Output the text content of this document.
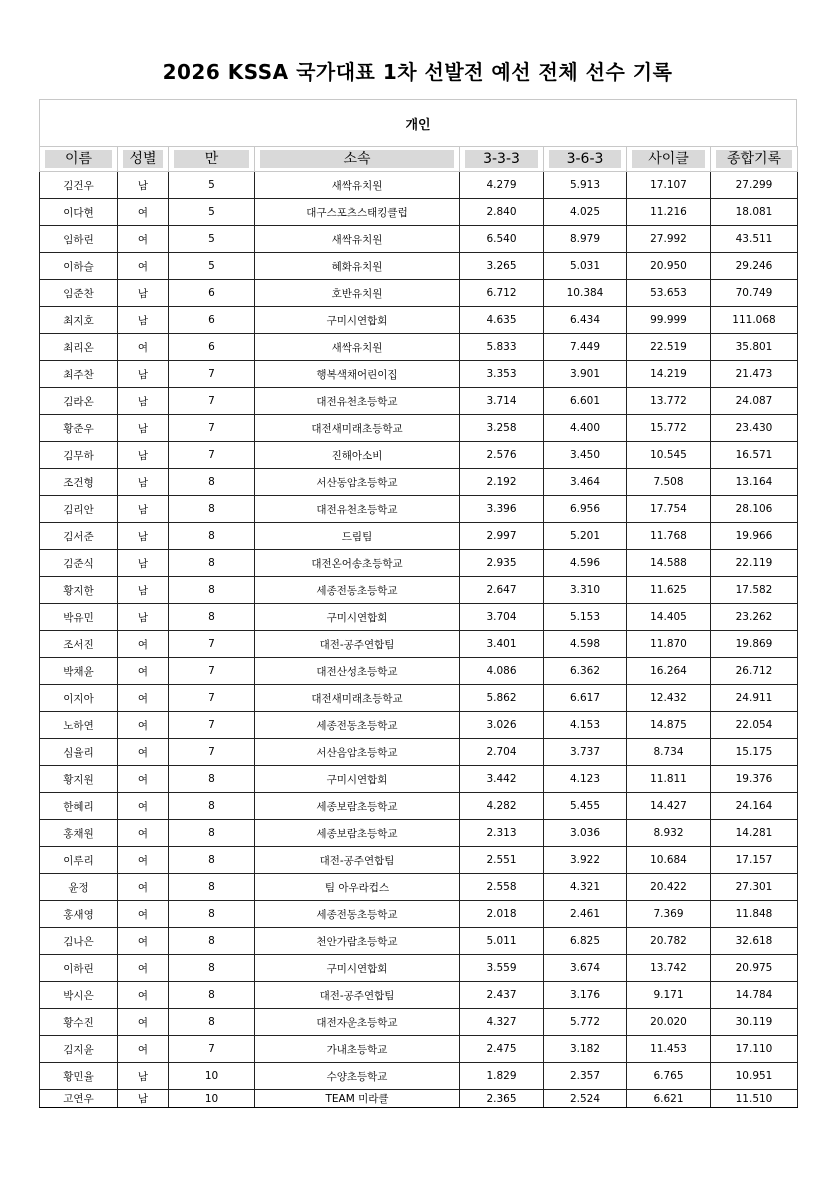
2026 KSSA 국가대표 1차 선발전 예선 전체 선수 기록
개인
이름	성별	만	소속	3-3-3	3-6-3	사이클	종합기록

김건우	남	5	새싹유치원	4.279	5.913	17.107	27.299
이다현	여	5	대구스포츠스태킹클럽	2.840	4.025	11.216	18.081
임하린	여	5	새싹유치원	6.540	8.979	27.992	43.511
이하슬	여	5	혜화유치원	3.265	5.031	20.950	29.246
임준찬	남	6	호반유치원	6.712	10.384	53.653	70.749
최지호	남	6	구미시연합회	4.635	6.434	99.999	111.068
최리온	여	6	새싹유치원	5.833	7.449	22.519	35.801
최주찬	남	7	행복색채어린이집	3.353	3.901	14.219	21.473
김라온	남	7	대전유천초등학교	3.714	6.601	13.772	24.087
황준우	남	7	대전새미래초등학교	3.258	4.400	15.772	23.430
김무하	남	7	진해아소비	2.576	3.450	10.545	16.571
조건형	남	8	서산동암초등학교	2.192	3.464	7.508	13.164
김리안	남	8	대전유천초등학교	3.396	6.956	17.754	28.106
김서준	남	8	드림팀	2.997	5.201	11.768	19.966
김준식	남	8	대전온어송초등학교	2.935	4.596	14.588	22.119
황지한	남	8	세종전동초등학교	2.647	3.310	11.625	17.582
박유민	남	8	구미시연합회	3.704	5.153	14.405	23.262
조서진	여	7	대전-공주연합팀	3.401	4.598	11.870	19.869
박채윤	여	7	대전산성초등학교	4.086	6.362	16.264	26.712
이지아	여	7	대전새미래초등학교	5.862	6.617	12.432	24.911
노하연	여	7	세종전동초등학교	3.026	4.153	14.875	22.054
심율리	여	7	서산음암초등학교	2.704	3.737	8.734	15.175
황지원	여	8	구미시연합회	3.442	4.123	11.811	19.376
한혜리	여	8	세종보람초등학교	4.282	5.455	14.427	24.164
홍채원	여	8	세종보람초등학교	2.313	3.036	8.932	14.281
이루리	여	8	대전-공주연합팀	2.551	3.922	10.684	17.157
윤정	여	8	팀 아우라컵스	2.558	4.321	20.422	27.301
홍새영	여	8	세종전동초등학교	2.018	2.461	7.369	11.848
김나은	여	8	천안가람초등학교	5.011	6.825	20.782	32.618
이하린	여	8	구미시연합회	3.559	3.674	13.742	20.975
박시은	여	8	대전-공주연합팀	2.437	3.176	9.171	14.784
황수진	여	8	대전자운초등학교	4.327	5.772	20.020	30.119
김지윤	여	7	가내초등학교	2.475	3.182	11.453	17.110
황민율	남	10	수양초등학교	1.829	2.357	6.765	10.951
고연우	남	10	TEAM 미라클	2.365	2.524	6.621	11.510
